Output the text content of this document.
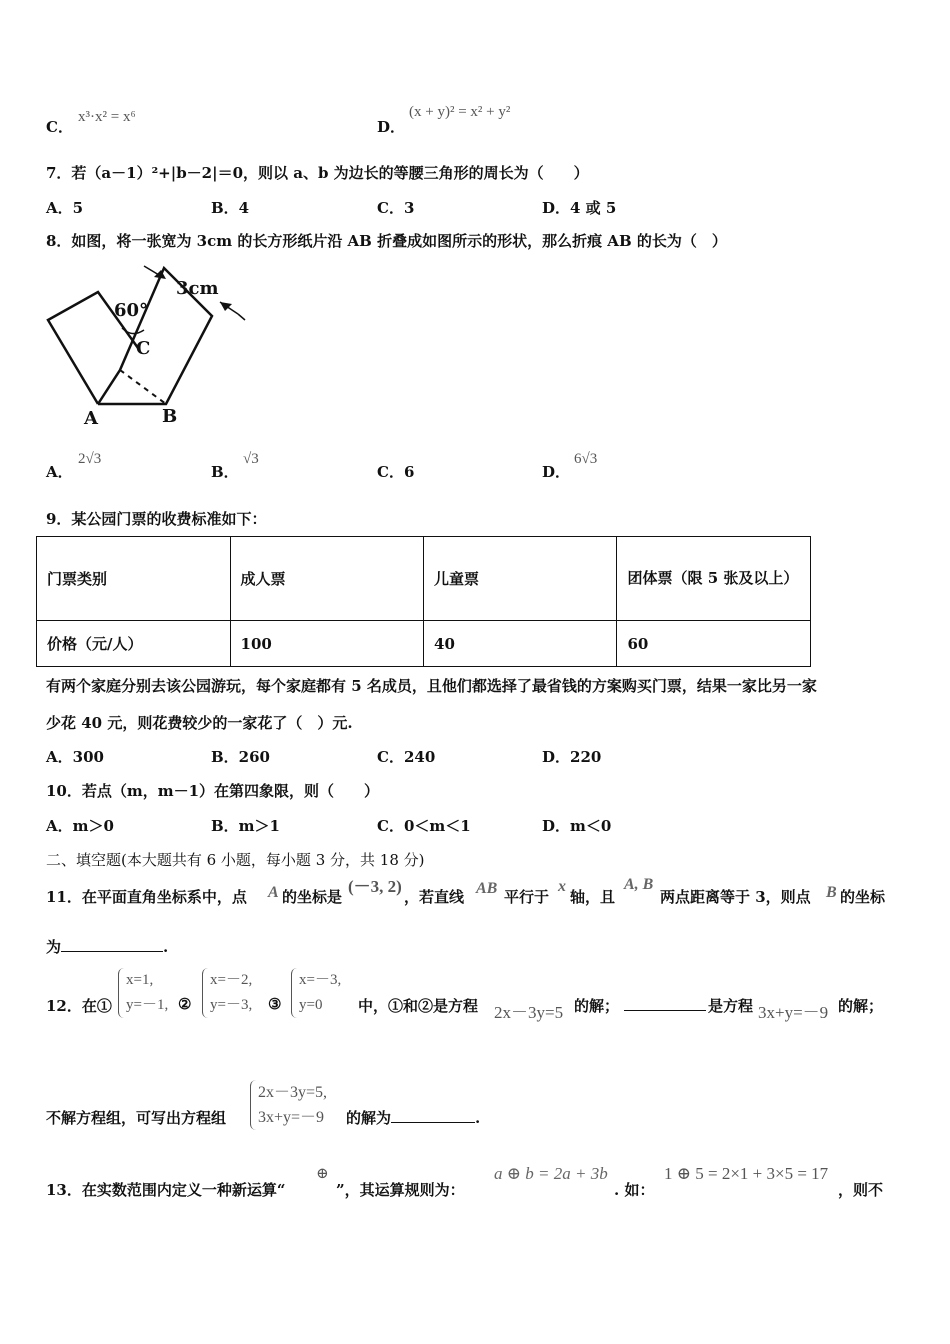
C．
x³·x² = x⁶
D．
(x + y)² = x² + y²
7．若（a－1）²+|b－2|＝0，则以 a、b 为边长的等腰三角形的周长为（　　）
A．5	B．4	C．3	D．4 或 5
8．如图，将一张宽为 3cm 的长方形纸片沿 AB 折叠成如图所示的形状，那么折痕 AB 的长为（　）
3cm
60°
C
A	B
A．
2√3
B．
√3
C．6	D．
6√3
9．某公园门票的收费标准如下：
门票类别	成人票	儿童票	团体票（限 5 张及以上）
价格（元/人）	100	40	60
有两个家庭分别去该公园游玩，每个家庭都有 5 名成员，且他们都选择了最省钱的方案购买门票，结果一家比另一家
少花 40 元，则花费较少的一家花了（　）元.
A．300	B．260	C．240	D．220
10．若点（m，m－1）在第四象限，则（　　）
A．m＞0	B．m＞1	C．0＜m＜1	D．m＜0
二、填空题(本大题共有 6 小题，每小题 3 分，共 18 分)
11．在平面直角坐标系中，点 A 的坐标是
(－3, 2)
，若直线 AB 平行于
x
轴，且
A, B
两点距离等于 3，则点 B 的坐标
为	.
12．在①
x=1,
y=－1, ②
x=－2,
y=－3, ③
x=－3,
y=0	中，①和②是方程 2x－3y=5 的解；	是方程 3x+y=－9 的解；
不解方程组，可写出方程组
2x－3y=5,
3x+y=－9 的解为	.
13．在实数范围内定义一种新运算“
⊕
”，其运算规则为：
a ⊕ b = 2a + 3b
. 如：
1 ⊕ 5 = 2×1 + 3×5 = 17
，则不
